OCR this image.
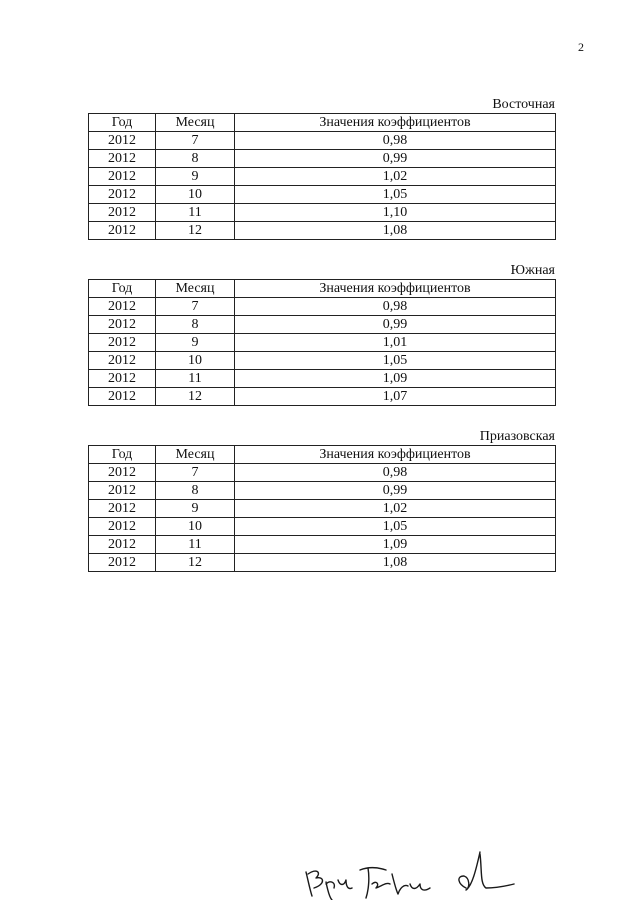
2
Восточная
Год	Месяц	Значения коэффициентов
2012	7	0,98
2012	8	0,99
2012	9	1,02
2012	10	1,05
2012	11	1,10
2012	12	1,08
Южная
Год	Месяц	Значения коэффициентов
2012	7	0,98
2012	8	0,99
2012	9	1,01
2012	10	1,05
2012	11	1,09
2012	12	1,07
Приазовская
Год	Месяц	Значения коэффициентов
2012	7	0,98
2012	8	0,99
2012	9	1,02
2012	10	1,05
2012	11	1,09
2012	12	1,08
